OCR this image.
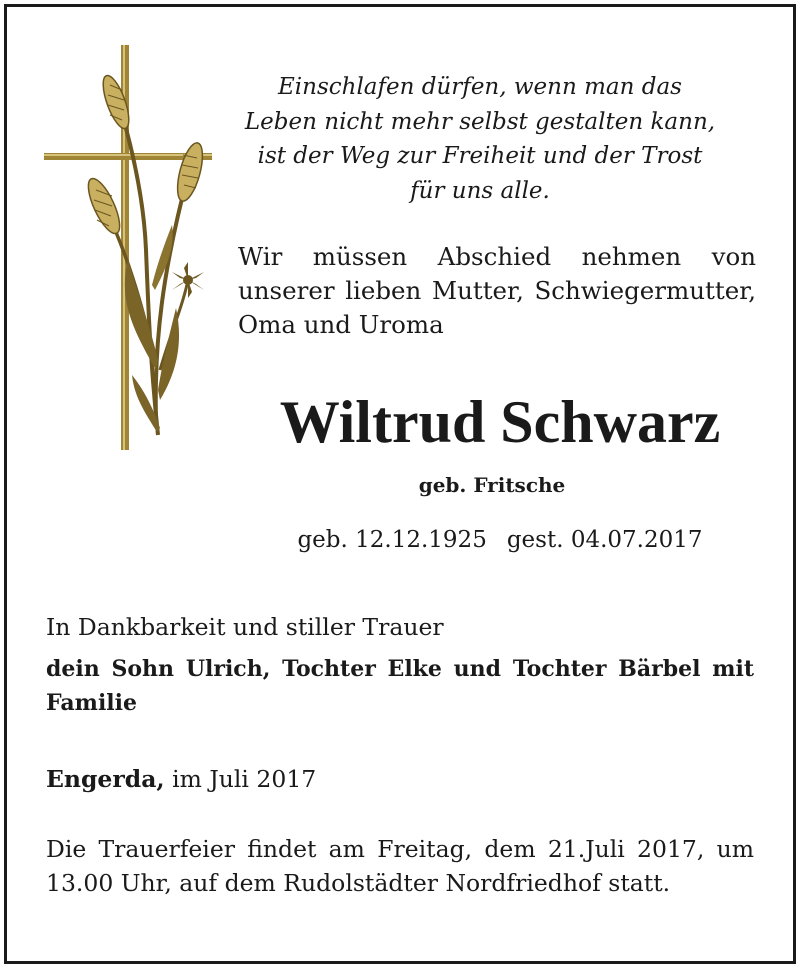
Einschlafen dürfen, wenn man das
Leben nicht mehr selbst gestalten kann,
ist der Weg zur Freiheit und der Trost
für uns alle.
Wir müssen Abschied nehmen von unserer lieben Mutter, Schwiegermutter, Oma und Uroma
Wiltrud Schwarz
geb. Fritsche
geb. 12.12.1925 gest. 04.07.2017
In Dankbarkeit und stiller Trauer
dein Sohn Ulrich, Tochter Elke und Tochter Bärbel mit Familie
Engerda, im Juli 2017
Die Trauerfeier findet am Freitag, dem 21.Juli 2017, um 13.00 Uhr, auf dem Rudolstädter Nordfriedhof statt.
